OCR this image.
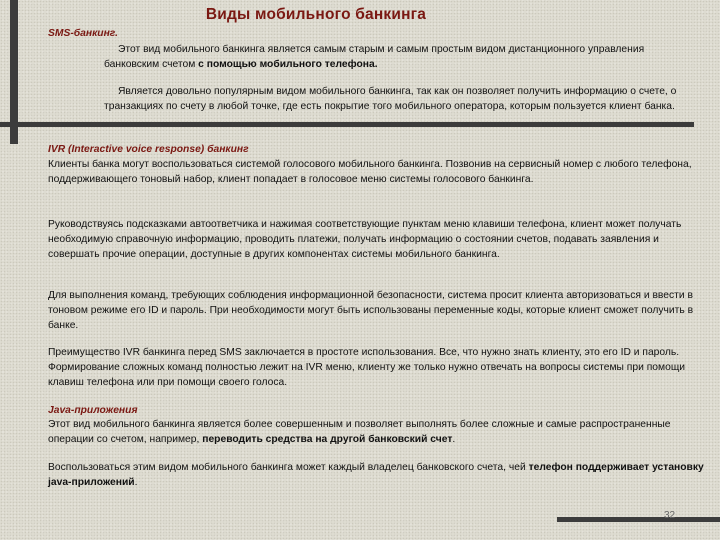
Виды мобильного банкинга
SMS-банкинг.

Этот вид мобильного банкинга является самым старым и самым простым видом дистанционного управления банковским счетом с помощью мобильного телефона.

Является довольно популярным видом мобильного банкинга, так как он позволяет получить информацию о счете, о транзакциях по счету в любой точке, где есть покрытие того мобильного оператора, которым пользуется клиент банка.

IVR (Interactive voice response) банкинг

Клиенты банка могут воспользоваться системой голосового мобильного банкинга. Позвонив на сервисный номер с любого телефона, поддерживающего тоновый набор, клиент попадает в голосовое меню системы голосового банкинга.

Руководствуясь подсказками автоответчика и нажимая соответствующие пунктам меню клавиши телефона, клиент может получать необходимую справочную информацию, проводить платежи, получать информацию о состоянии счетов, подавать заявления и совершать прочие операции, доступные в других компонентах системы мобильного банкинга.

Для выполнения команд, требующих соблюдения информационной безопасности, система просит клиента авторизоваться и ввести в тоновом режиме его ID и пароль. При необходимости могут быть использованы переменные коды, которые клиент сможет получить в банке.

Преимущество IVR банкинга перед SMS заключается в простоте использования. Все, что нужно знать клиенту, это его ID и пароль. Формирование сложных команд полностью лежит на IVR меню, клиенту же только нужно отвечать на вопросы системы при помощи клавиш телефона или при помощи своего голоса.

Java-приложения

Этот вид мобильного банкинга является более совершенным и позволяет выполнять более сложные и самые распространенные операции со счетом, например, переводить средства на другой банковский счет.

Воспользоваться этим видом мобильного банкинга может каждый владелец банковского счета, чей телефон поддерживает установку java-приложений.

32
